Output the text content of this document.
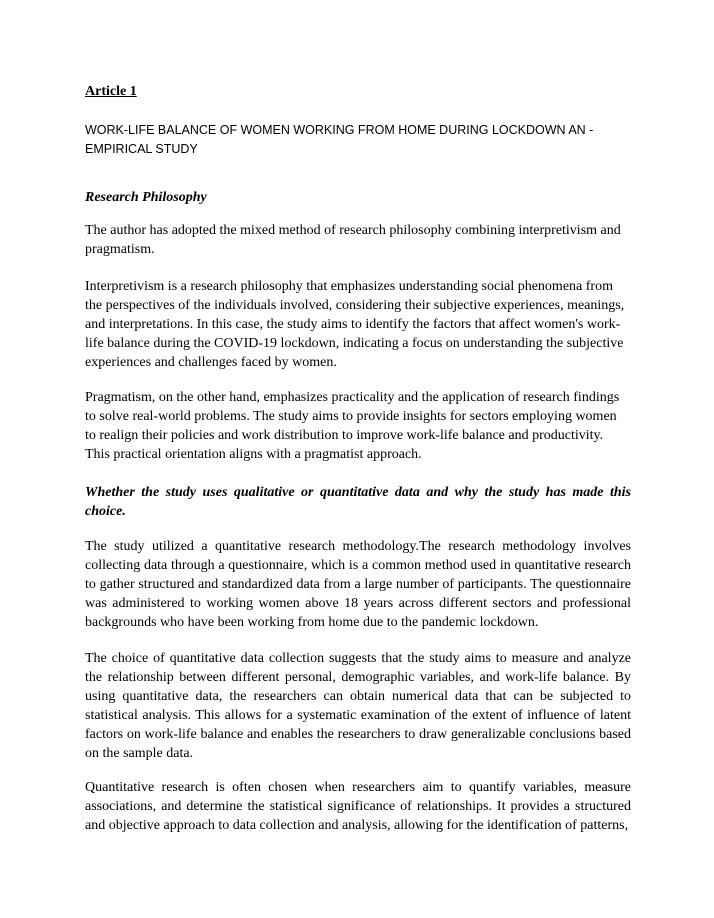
Article 1
WORK-LIFE BALANCE OF WOMEN WORKING FROM HOME DURING LOCKDOWN AN - EMPIRICAL STUDY
Research Philosophy

The author has adopted the mixed method of research philosophy combining interpretivism and pragmatism.

Interpretivism is a research philosophy that emphasizes understanding social phenomena from the perspectives of the individuals involved, considering their subjective experiences, meanings, and interpretations. In this case, the study aims to identify the factors that affect women's work-life balance during the COVID-19 lockdown, indicating a focus on understanding the subjective experiences and challenges faced by women.

Pragmatism, on the other hand, emphasizes practicality and the application of research findings to solve real-world problems. The study aims to provide insights for sectors employing women to realign their policies and work distribution to improve work-life balance and productivity. This practical orientation aligns with a pragmatist approach.

Whether the study uses qualitative or quantitative data and why the study has made this choice.

The study utilized a quantitative research methodology.The research methodology involves collecting data through a questionnaire, which is a common method used in quantitative research to gather structured and standardized data from a large number of participants. The questionnaire was administered to working women above 18 years across different sectors and professional backgrounds who have been working from home due to the pandemic lockdown.

The choice of quantitative data collection suggests that the study aims to measure and analyze the relationship between different personal, demographic variables, and work-life balance. By using quantitative data, the researchers can obtain numerical data that can be subjected to statistical analysis. This allows for a systematic examination of the extent of influence of latent factors on work-life balance and enables the researchers to draw generalizable conclusions based on the sample data.

Quantitative research is often chosen when researchers aim to quantify variables, measure associations, and determine the statistical significance of relationships. It provides a structured and objective approach to data collection and analysis, allowing for the identification of patterns,
